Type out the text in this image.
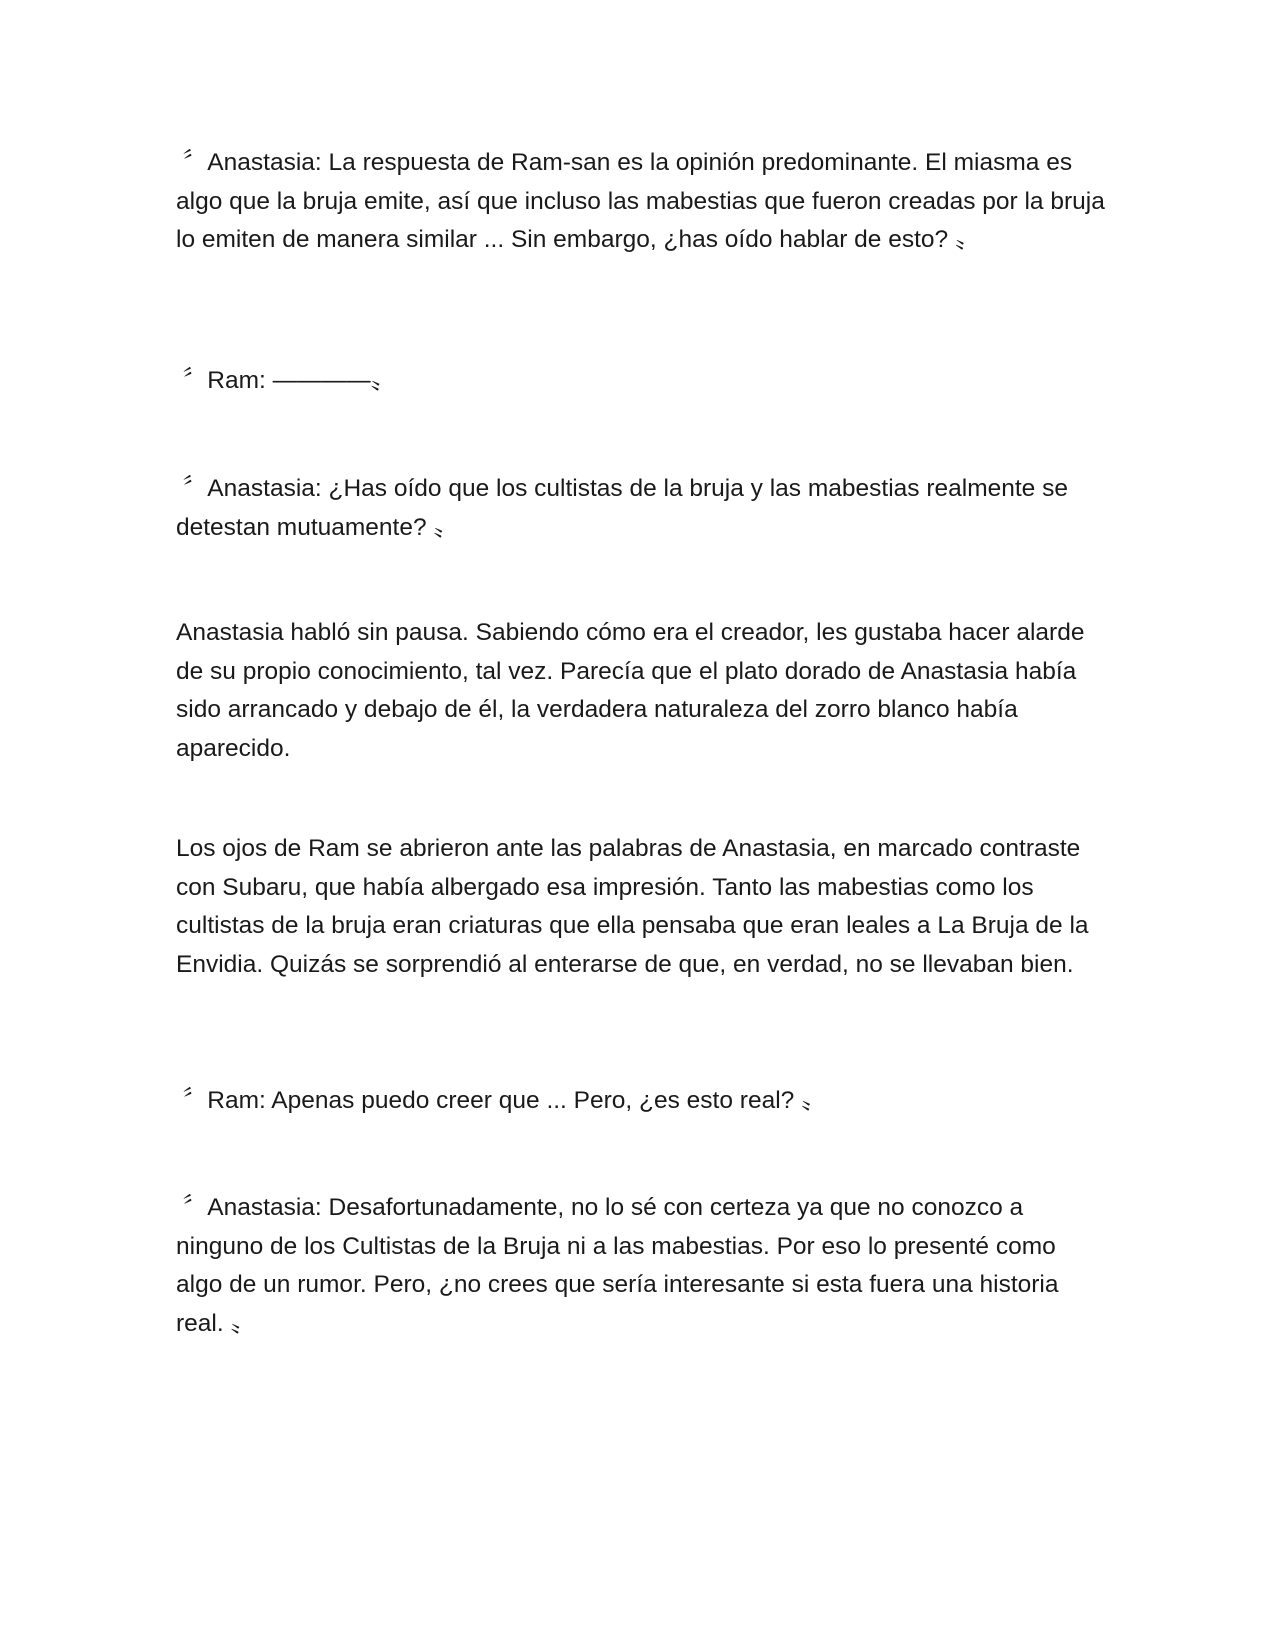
〞Anastasia: La respuesta de Ram-san es la opinión predominante. El miasma es algo que la bruja emite, así que incluso las mabestias que fueron creadas por la bruja lo emiten de manera similar ... Sin embargo, ¿has oído hablar de esto? 〟

〞Ram: ————〟

〞Anastasia: ¿Has oído que los cultistas de la bruja y las mabestias realmente se detestan mutuamente? 〟

Anastasia habló sin pausa. Sabiendo cómo era el creador, les gustaba hacer alarde de su propio conocimiento, tal vez. Parecía que el plato dorado de Anastasia había sido arrancado y debajo de él, la verdadera naturaleza del zorro blanco había aparecido.

Los ojos de Ram se abrieron ante las palabras de Anastasia, en marcado contraste con Subaru, que había albergado esa impresión. Tanto las mabestias como los cultistas de la bruja eran criaturas que ella pensaba que eran leales a La Bruja de la Envidia. Quizás se sorprendió al enterarse de que, en verdad, no se llevaban bien.

〞Ram: Apenas puedo creer que ... Pero, ¿es esto real? 〟

〞Anastasia: Desafortunadamente, no lo sé con certeza ya que no conozco a ninguno de los Cultistas de la Bruja ni a las mabestias. Por eso lo presenté como algo de un rumor. Pero, ¿no crees que sería interesante si esta fuera una historia real. 〟
